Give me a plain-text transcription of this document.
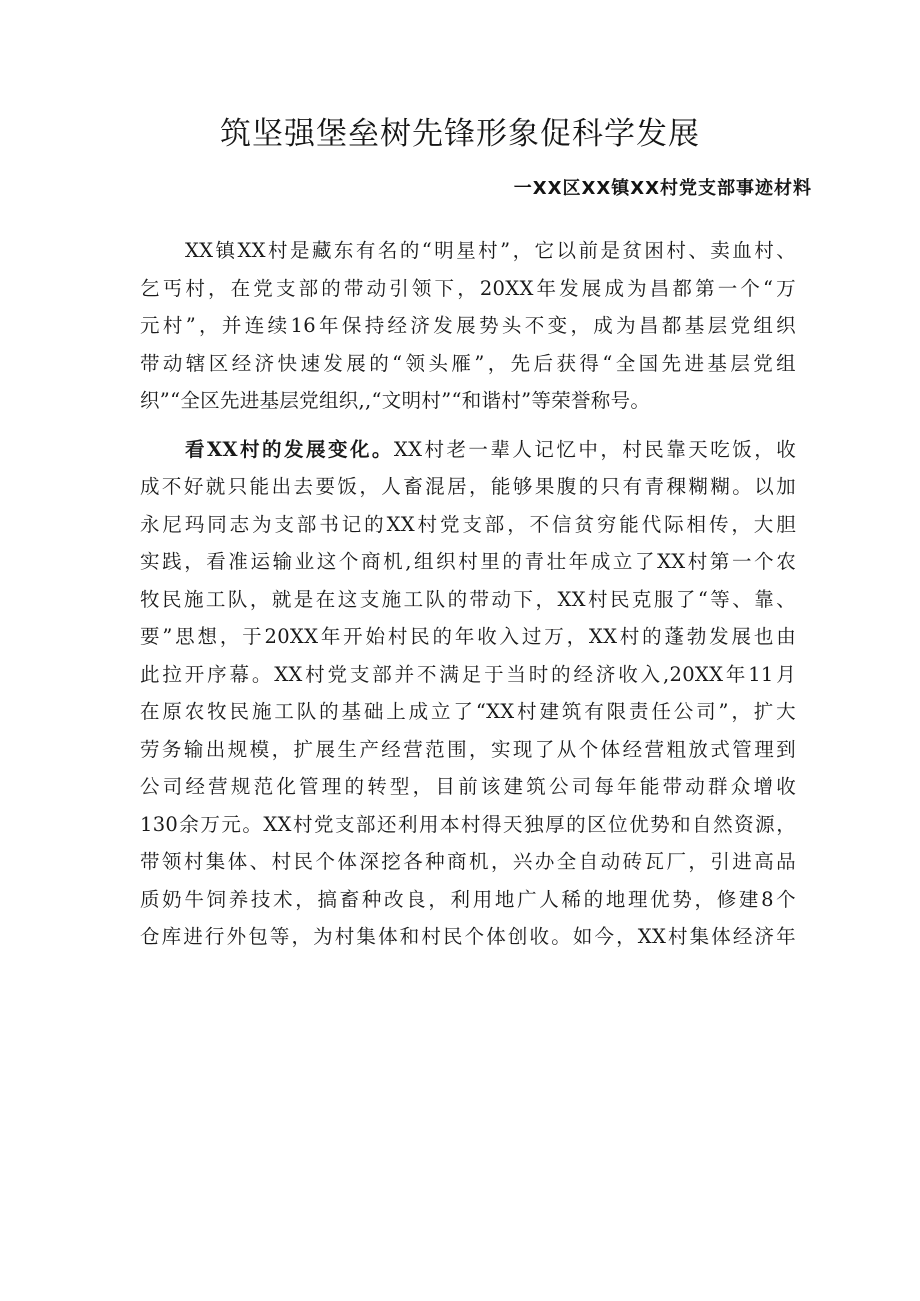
筑坚强堡垒树先锋形象促科学发展

一XX区XX镇XX村党支部事迹材料

XX镇XX村是藏东有名的“明星村”，它以前是贫困村、卖血村、
乞丐村，在党支部的带动引领下，20XX年发展成为昌都第一个“万
元村”，并连续16年保持经济发展势头不变，成为昌都基层党组织
带动辖区经济快速发展的“领头雁”，先后获得“全国先进基层党组
织”“全区先进基层党组织,,“文明村”“和谐村”等荣誉称号。
看XX村的发展变化。XX村老一辈人记忆中，村民靠天吃饭，收
成不好就只能出去要饭，人畜混居，能够果腹的只有青稞糊糊。以加
永尼玛同志为支部书记的XX村党支部，不信贫穷能代际相传，大胆
实践，看准运输业这个商机,组织村里的青壮年成立了XX村第一个农
牧民施工队，就是在这支施工队的带动下，XX村民克服了“等、靠、
要”思想，于20XX年开始村民的年收入过万，XX村的蓬勃发展也由
此拉开序幕。XX村党支部并不满足于当时的经济收入,20XX年11月
在原农牧民施工队的基础上成立了“XX村建筑有限责任公司”，扩大
劳务输出规模，扩展生产经营范围，实现了从个体经营粗放式管理到
公司经营规范化管理的转型，目前该建筑公司每年能带动群众增收
130余万元。XX村党支部还利用本村得天独厚的区位优势和自然资源，
带领村集体、村民个体深挖各种商机，兴办全自动砖瓦厂，引进高品
质奶牛饲养技术，搞畜种改良，利用地广人稀的地理优势，修建8个
仓库进行外包等，为村集体和村民个体创收。如今，XX村集体经济年
